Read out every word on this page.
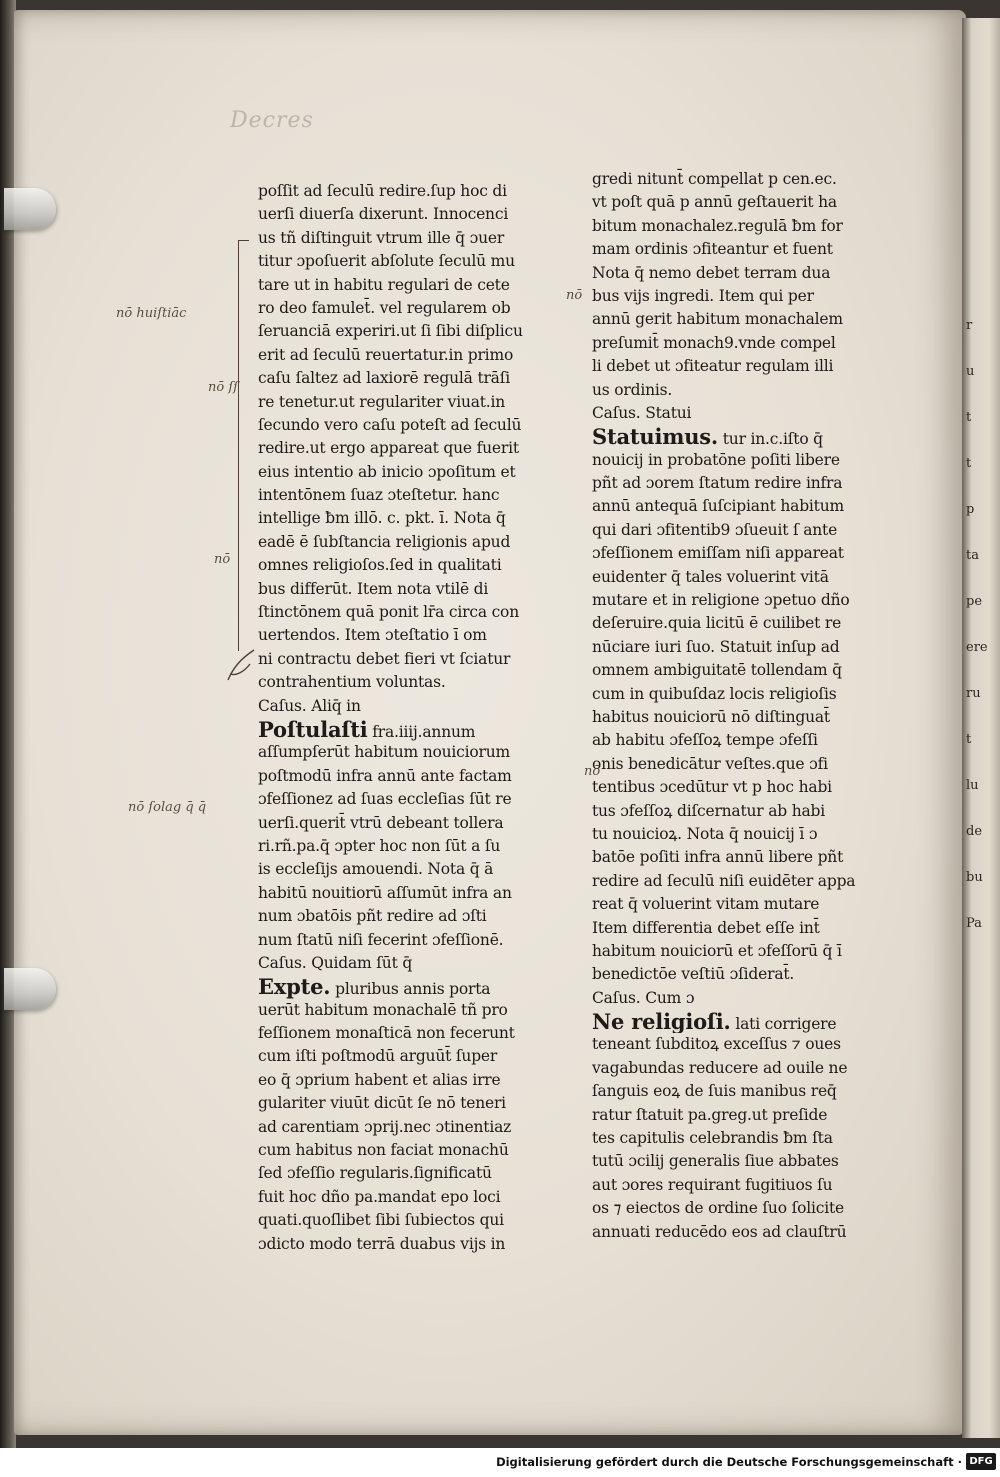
r
u
t
t
p
ta
pe
ere
ru
t
lu
de
bu
Pa
Decres
poſſit ad ſeculū redire.ſup hoc di
uerſi diuerſa dixerunt. Innocenci
us tñ diſtinguit vtrum ille q̄ ɔuer
titur ɔpoſuerit abſolute ſeculū mu
tare ut in habitu regulari de cete
ro deo famulet̄. vel regularem ob
ſeruanciā experiri.ut ſi ſibi diſplicu
erit ad ſeculū reuertatur.in primo
caſu ſaltez ad laxiorē regulā trāſi
re tenetur.ut regulariter viuat.in
ſecundo vero caſu poteſt ad ſeculū
redire.ut ergo appareat que fuerit
eius intentio ab inicio ɔpoſitum et
intentōnem ſuaz ɔteſtetur. hanc
intellige ƀm illō. c. pkt. ī. Nota q̄
eadē ē ſubſtancia religionis apud
omnes religioſos.ſed in qualitati
bus differūt. Item nota vtilē di
ſtinctōnem quā ponit lr̄a circa con
uertendos. Item ɔteſtatio ī om
ni contractu debet fieri vt ſciatur
contrahentium voluntas.
Caſus. Aliq̄ in
Poſtulaſti fra.iiij.annum
aſſumpſerūt habitum nouiciorum
poſtmodū infra annū ante factam
ɔfeſſionez ad ſuas eccleſias ſūt re
uerſi.querit̄ vtrū debeant tollera
ri.rñ.pa.q̄ ɔpter hoc non ſūt a ſu
is eccleſijs amouendi. Nota q̄ ā
habitū nouitiorū aſſumūt infra an
num ɔbatōis pñt redire ad ɔſti
num ſtatū niſi fecerint ɔfeſſionē.
Caſus. Quidam ſūt q̄
Expte. pluribus annis porta
uerūt habitum monachalē tñ pro
feſſionem monaſticā non fecerunt
cum iſti poſtmodū arguūt̄ ſuper
eo q̄ ɔprium habent et alias irre
gulariter viuūt dicūt ſe nō teneri
ad carentiam ɔprij.nec ɔtinentiaz
cum habitus non faciat monachū
ſed ɔfeſſio regularis.ſignificatū
fuit hoc dño pa.mandat epo loci
quati.quoſlibet ſibi ſubiectos qui
ɔdicto modo terrā duabus vijs in
gredi nitunt̄ compellat p cen.ec.
vt poſt quā p annū geſtauerit ha
bitum monachalez.regulā ƀm for
mam ordinis ɔfiteantur et fuent
Nota q̄ nemo debet terram dua
bus vijs ingredi. Item qui per
annū gerit habitum monachalem
preſumit̄ monach9.vnde compel
li debet ut ɔfiteatur regulam illi
us ordinis.
Caſus. Statui
Statuimus. tur in.c.iſto q̄
nouicij in probatōne poſiti libere
pñt ad ɔorem ſtatum redire infra
annū antequā ſuſcipiant habitum
qui dari ɔfitentib9 ɔſueuit ſ ante
ɔfeſſionem emiſſam niſi appareat
euidenter q̄ tales voluerint vitā
mutare et in religione ɔpetuo dño
deſeruire.quia licitū ē cuilibet re
nūciare iuri ſuo. Statuit inſup ad
omnem ambiguitatē tollendam q̄
cum in quibuſdaz locis religioſis
habitus nouiciorū nō diſtinguat̄
ab habitu ɔfeſſoꝝ tempe ɔfeſſi
onis benedicātur veſtes.que ɔfi
tentibus ɔcedūtur vt p hoc habi
tus ɔfeſſoꝝ diſcernatur ab habi
tu nouicioꝝ. Nota q̄ nouicij ī ɔ
batōe poſiti infra annū libere pñt
redire ad ſeculū niſi euidēter appa
reat q̄ voluerint vitam mutare
Item differentia debet eſſe int̄
habitum nouiciorū et ɔfeſſorū q̄ ī
benedictōe veſtiū ɔſiderat̄.
Caſus. Cum ɔ
Ne religioſi. lati corrigere
teneant ſubditoꝝ exceſſus ⁊ oues
vagabundas reducere ad ouile ne
ſanguis eoꝝ de ſuis manibus req̄
ratur ſtatuit pa.greg.ut preſide
tes capitulis celebrandis ƀm ſta
tutū ɔcilij generalis ſiue abbates
aut ɔores requirant fugitiuos ſu
os ⁊ eiectos de ordine ſuo ſolicite
annuati reducēdo eos ad clauſtrū
nō huiſtiāc
nō ſſ
nō
nō ſolag q̄ q̄
nō
nō
Digitalisierung gefördert durch die Deutsche Forschungsgemeinschaft · DFG
